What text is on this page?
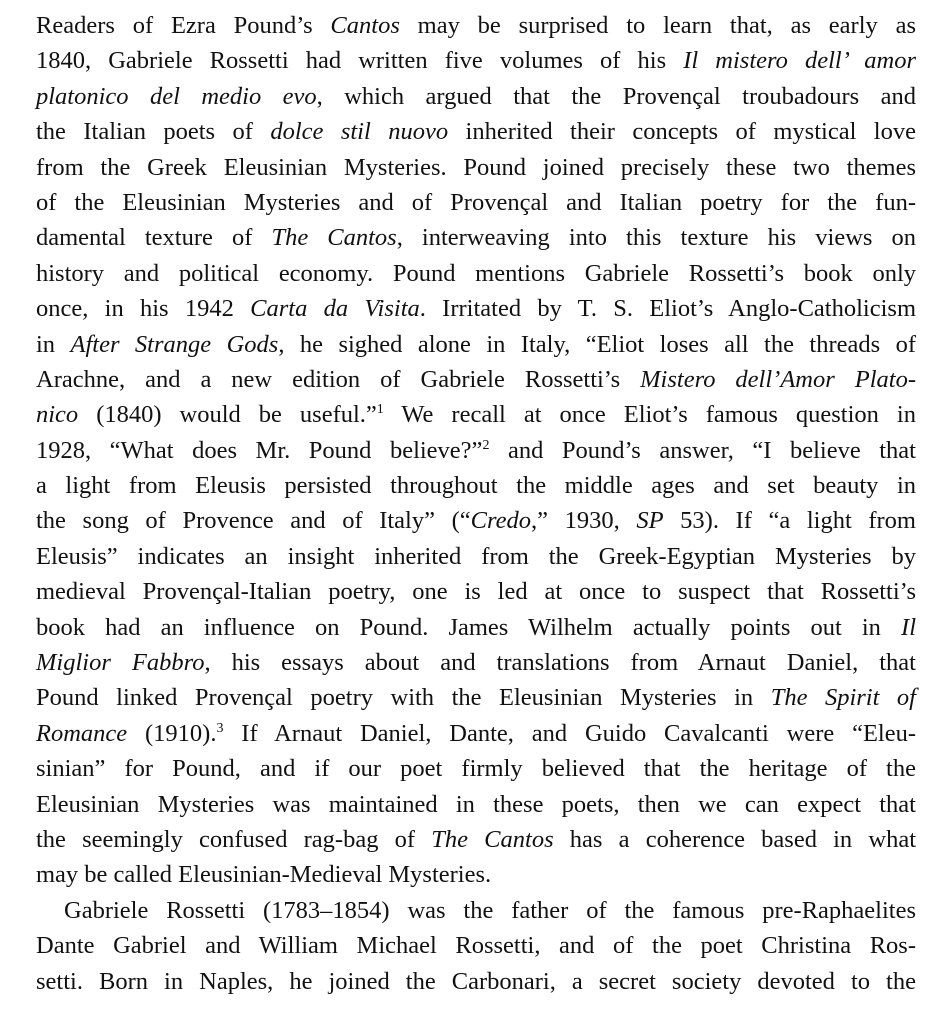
Readers of Ezra Pound’s Cantos may be surprised to learn that, as early as
1840, Gabriele Rossetti had written five volumes of his Il mistero dell’ amor
platonico del medio evo, which argued that the Provençal troubadours and
the Italian poets of dolce stil nuovo inherited their concepts of mystical love
from the Greek Eleusinian Mysteries. Pound joined precisely these two themes
of the Eleusinian Mysteries and of Provençal and Italian poetry for the fun-
damental texture of The Cantos, interweaving into this texture his views on
history and political economy. Pound mentions Gabriele Rossetti’s book only
once, in his 1942 Carta da Visita. Irritated by T. S. Eliot’s Anglo-Catholicism
in After Strange Gods, he sighed alone in Italy, “Eliot loses all the threads of
Arachne, and a new edition of Gabriele Rossetti’s Mistero dell’Amor Plato-
nico (1840) would be useful.”$^1$ We recall at once Eliot’s famous question in
1928, “What does Mr. Pound believe?”$^2$ and Pound’s answer, “I believe that
a light from Eleusis persisted throughout the middle ages and set beauty in
the song of Provence and of Italy” (“Credo,” 1930, SP 53). If “a light from
Eleusis” indicates an insight inherited from the Greek-Egyptian Mysteries by
medieval Provençal-Italian poetry, one is led at once to suspect that Rossetti’s
book had an influence on Pound. James Wilhelm actually points out in Il
Miglior Fabbro, his essays about and translations from Arnaut Daniel, that
Pound linked Provençal poetry with the Eleusinian Mysteries in The Spirit of
Romance (1910).$^3$ If Arnaut Daniel, Dante, and Guido Cavalcanti were “Eleu-
sinian” for Pound, and if our poet firmly believed that the heritage of the
Eleusinian Mysteries was maintained in these poets, then we can expect that
the seemingly confused rag-bag of The Cantos has a coherence based in what
may be called Eleusinian-Medieval Mysteries.
Gabriele Rossetti (1783–1854) was the father of the famous pre-Raphaelites
Dante Gabriel and William Michael Rossetti, and of the poet Christina Ros-
setti. Born in Naples, he joined the Carbonari, a secret society devoted to the
